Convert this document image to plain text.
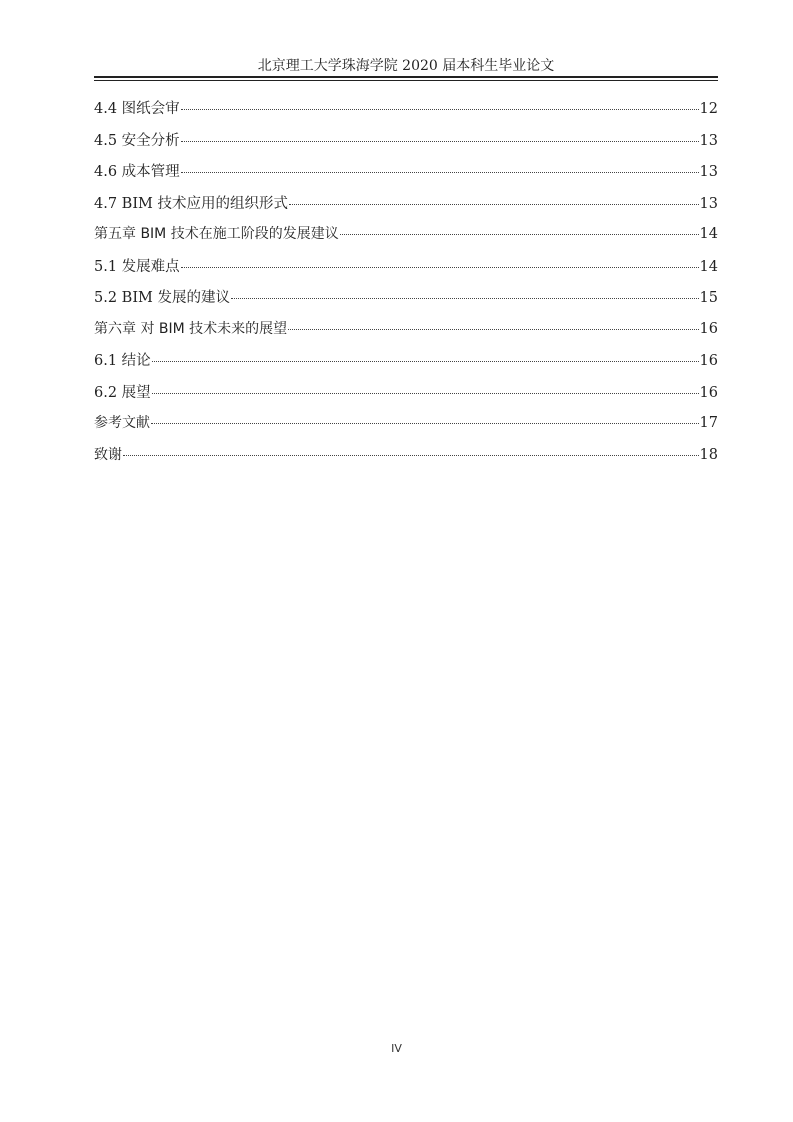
北京理工大学珠海学院 2020 届本科生毕业论文
4.4 图纸会审	12
4.5 安全分析	13
4.6 成本管理	13
4.7 BIM 技术应用的组织形式	13
第五章 BIM 技术在施工阶段的发展建议	14
5.1 发展难点	14
5.2 BIM 发展的建议	15
第六章 对 BIM 技术未来的展望	16
6.1 结论	16
6.2 展望	16
参考文献	17
致谢	18
IV
